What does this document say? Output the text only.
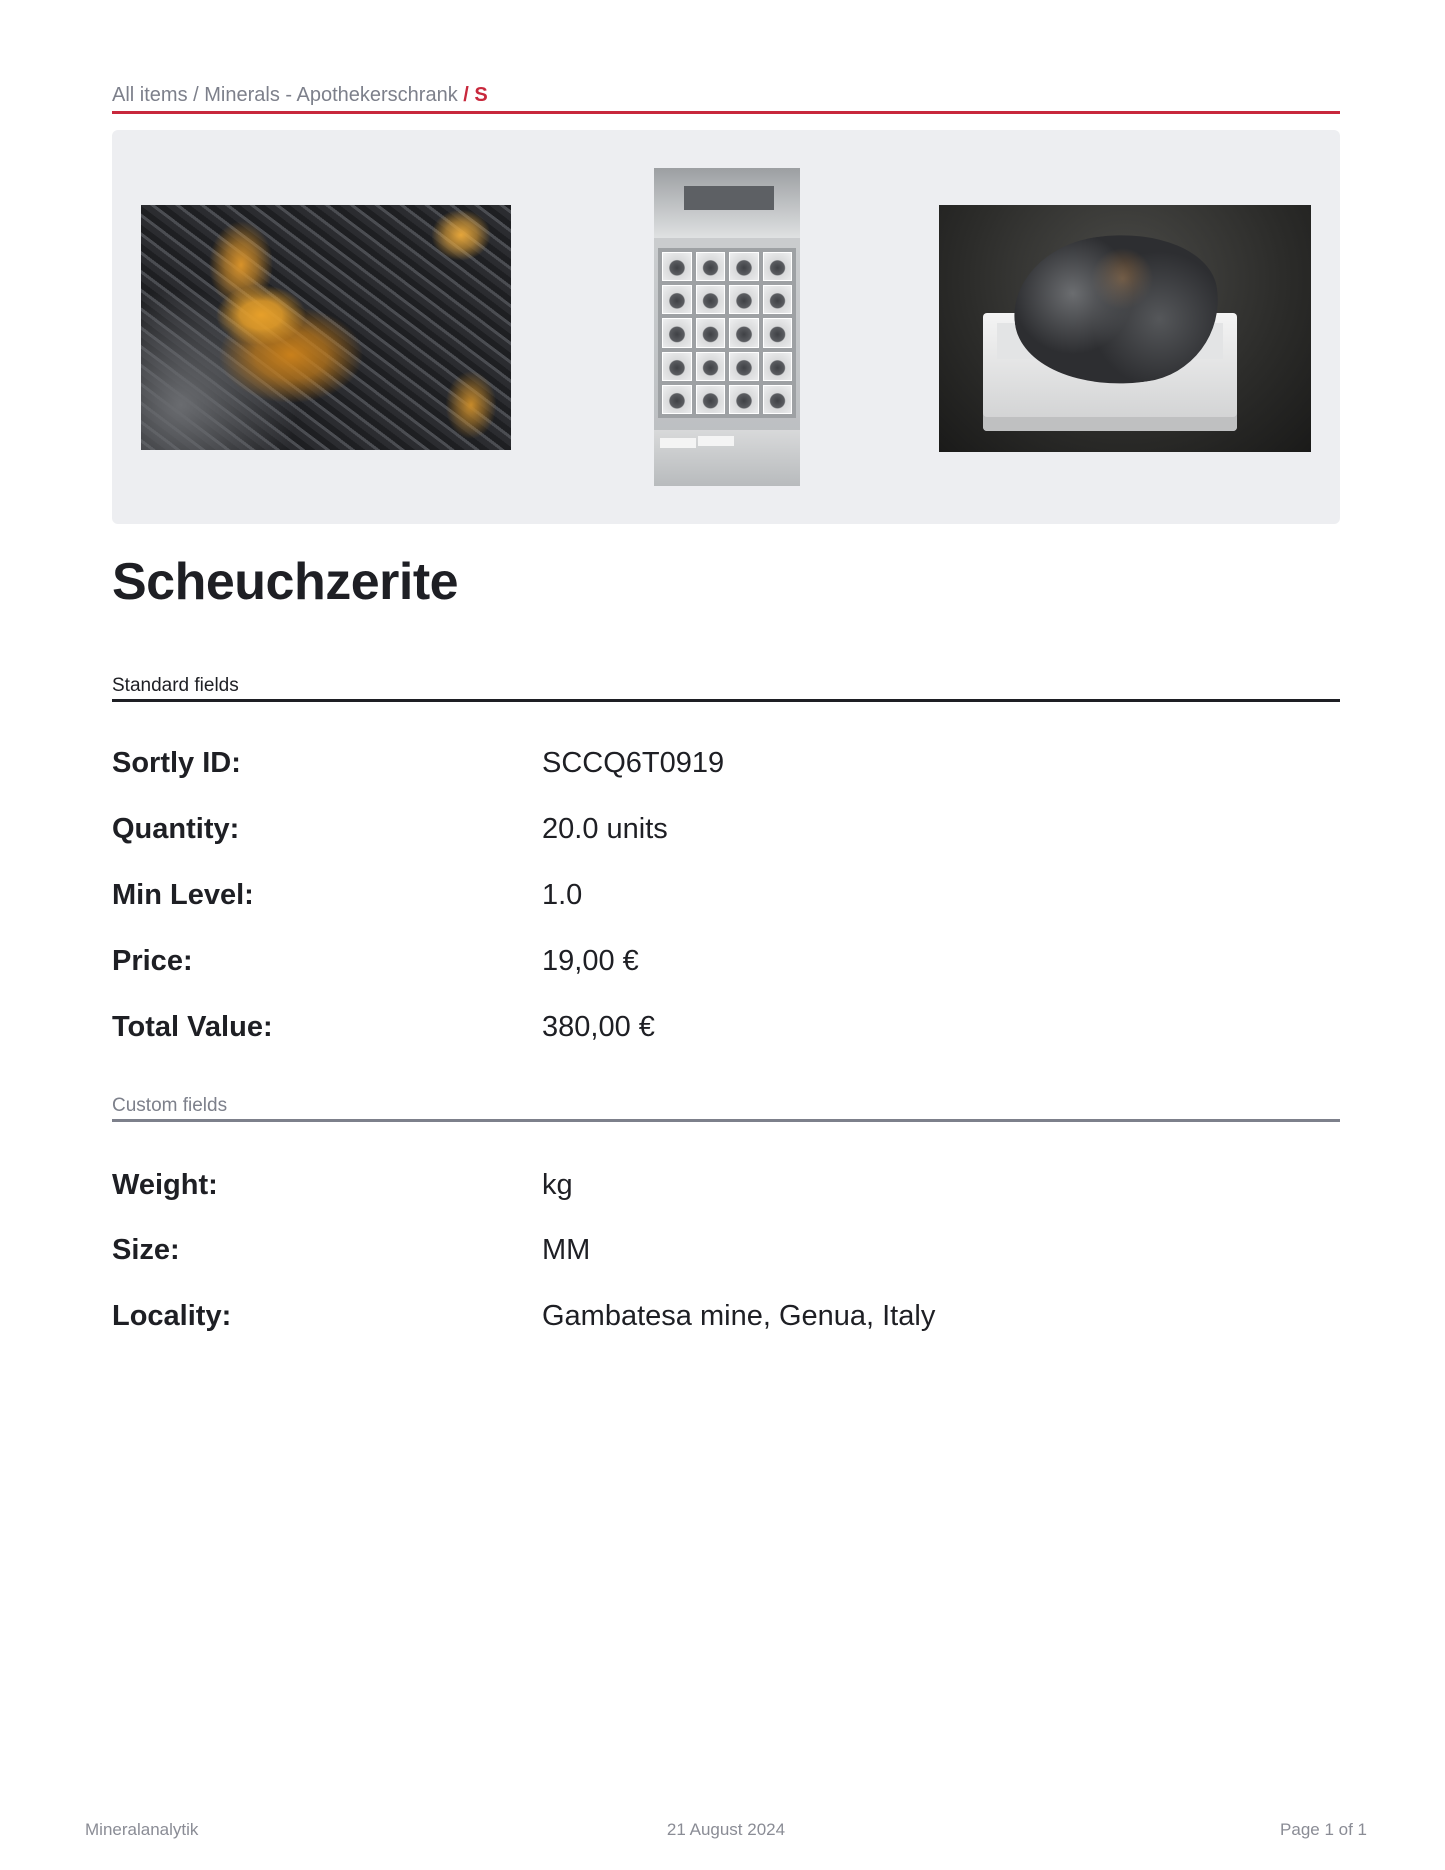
All items / Minerals - Apothekerschrank / S
Scheuchzerite
Standard fields
Sortly ID:	SCCQ6T0919
Quantity:	20.0 units
Min Level:	1.0
Price:	19,00 €
Total Value:	380,00 €
Custom fields
Weight:	kg
Size:	MM
Locality:	Gambatesa mine, Genua, Italy
Mineralanalytik	21 August 2024	Page 1 of 1
